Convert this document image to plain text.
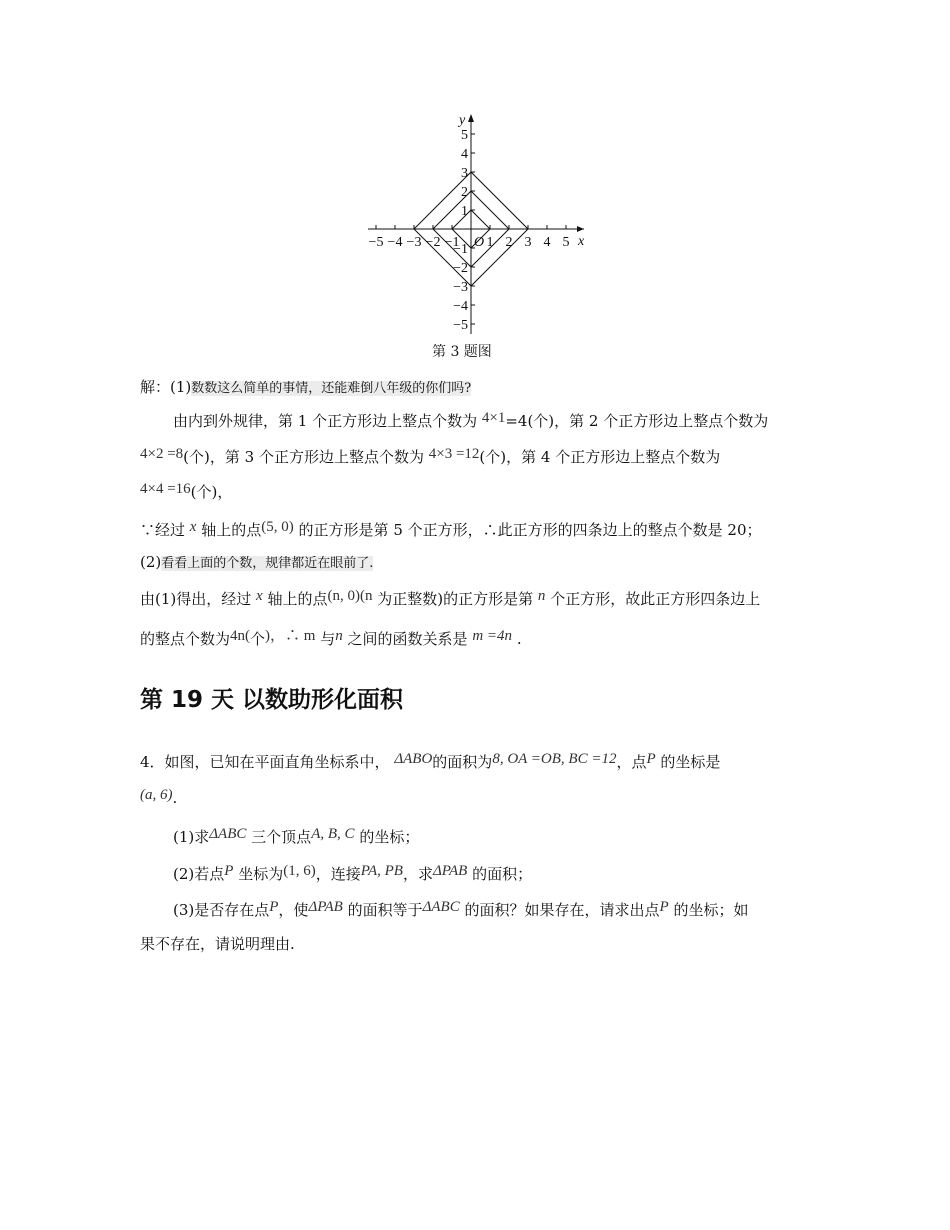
−5 −4 −3 −2 −1 1 2 3 4 5
5
4
3
2
1
−1
−2
−3
−4
−5
x
y
O
第 3 题图
解：(1)数数这么简单的事情，还能难倒八年级的你们吗?
由内到外规律，第 1 个正方形边上整点个数为 4×1=4(个)，第 2 个正方形边上整点个数为
4×2 =8(个)，第 3 个正方形边上整点个数为 4×3 =12(个)，第 4 个正方形边上整点个数为
4×4 =16(个)，
∵经过 x 轴上的点(5, 0) 的正方形是第 5 个正方形，∴此正方形的四条边上的整点个数是 20；
(2)看看上面的个数，规律都近在眼前了.
由(1)得出，经过 x 轴上的点(n, 0)(n 为正整数)的正方形是第 n 个正方形，故此正方形四条边上
的整点个数为4n(个)，∴ m 与n 之间的函数关系是 m =4n .
第 19 天 以数助形化面积
4．如图，已知在平面直角坐标系中， ΔABO的面积为8, OA =OB, BC =12，点P 的坐标是
(a, 6).
(1)求ΔABC 三个顶点A, B, C 的坐标；
(2)若点P 坐标为(1, 6)，连接PA, PB，求ΔPAB 的面积；
(3)是否存在点P，使ΔPAB 的面积等于ΔABC 的面积？如果存在，请求出点P 的坐标；如
果不存在，请说明理由.
